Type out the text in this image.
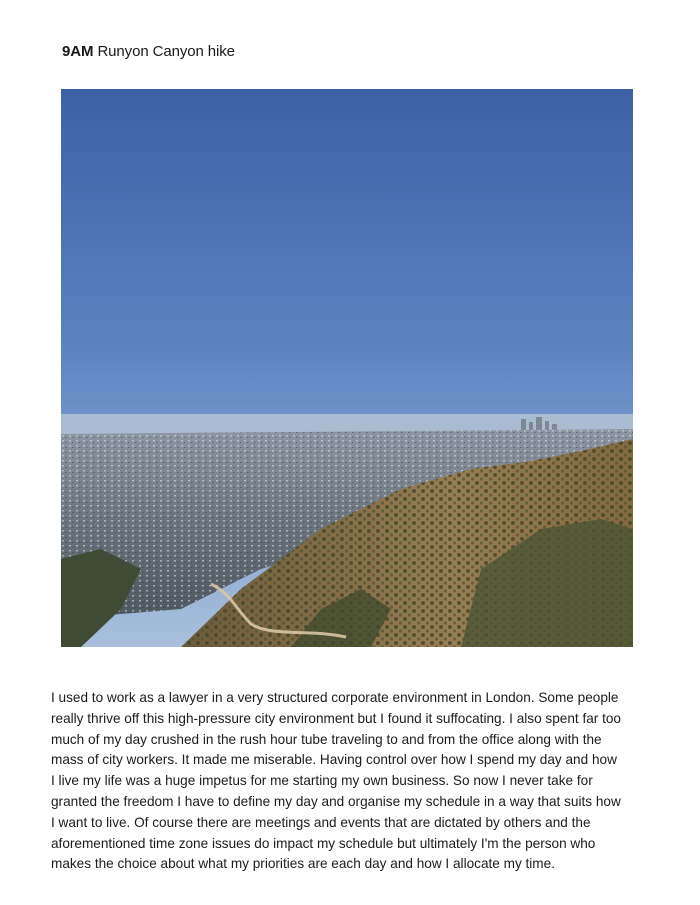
9AM Runyon Canyon hike
I used to work as a lawyer in a very structured corporate environment in London. Some people
really thrive off this high-pressure city environment but I found it suffocating. I also spent far too
much of my day crushed in the rush hour tube traveling to and from the office along with the
mass of city workers. It made me miserable. Having control over how I spend my day and how
I live my life was a huge impetus for me starting my own business. So now I never take for
granted the freedom I have to define my day and organise my schedule in a way that suits how
I want to live. Of course there are meetings and events that are dictated by others and the
aforementioned time zone issues do impact my schedule but ultimately I'm the person who
makes the choice about what my priorities are each day and how I allocate my time.
